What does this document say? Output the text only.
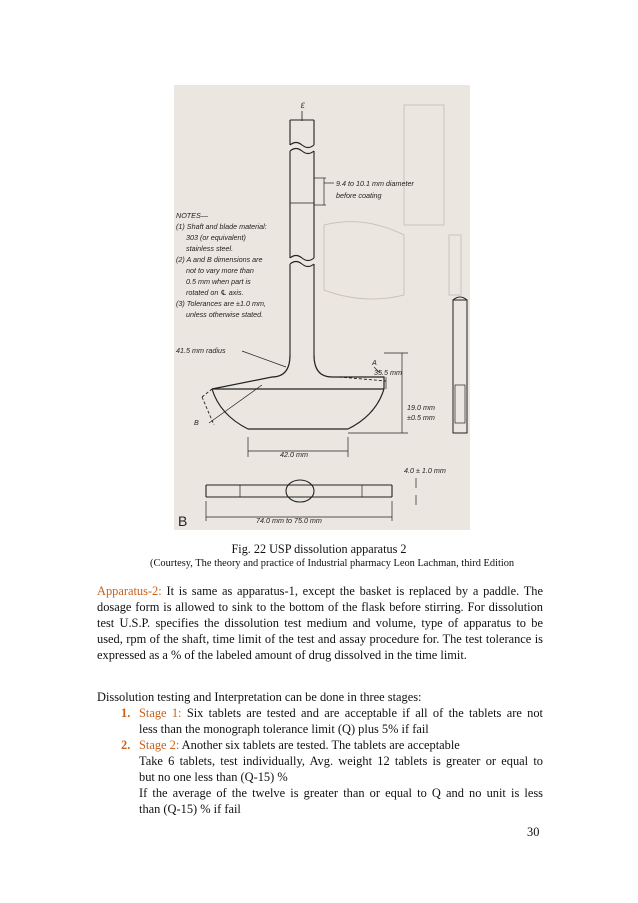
ℇ
9.4 to 10.1 mm diameter
before coating
NOTES—
(1) Shaft and blade material:
303 (or equivalent)
stainless steel.
(2) A and B dimensions are
not to vary more than
0.5 mm when part is
rotated on ℄ axis.
(3) Tolerances are ±1.0 mm,
unless otherwise stated.
41.5 mm radius
A
35.5 mm
19.0 mm
±0.5 mm
B
42.0 mm
4.0 ± 1.0 mm
74.0 mm to 75.0 mm
B
Fig. 22 USP dissolution apparatus 2
(Courtesy, The theory and practice of Industrial pharmacy Leon Lachman, third Edition
Apparatus-2: It is same as apparatus-1, except the basket is replaced by a paddle. The dosage form is allowed to sink to the bottom of the flask before stirring. For dissolution test U.S.P. specifies the dissolution test medium and volume, type of apparatus to be used, rpm of the shaft, time limit of the test and assay procedure for. The test tolerance is expressed as a % of the labeled amount of drug dissolved in the time limit.
Dissolution testing and Interpretation can be done in three stages:
1. Stage 1: Six tablets are tested and are acceptable if all of the tablets are not
less than the monograph tolerance limit (Q) plus 5% if fail
2. Stage 2: Another six tablets are tested. The tablets are acceptable
Take 6 tablets, test individually, Avg. weight 12 tablets is greater or equal to
but no one less than (Q-15) %
If the average of the twelve is greater than or equal to Q and no unit is less
than (Q-15) % if fail
30
